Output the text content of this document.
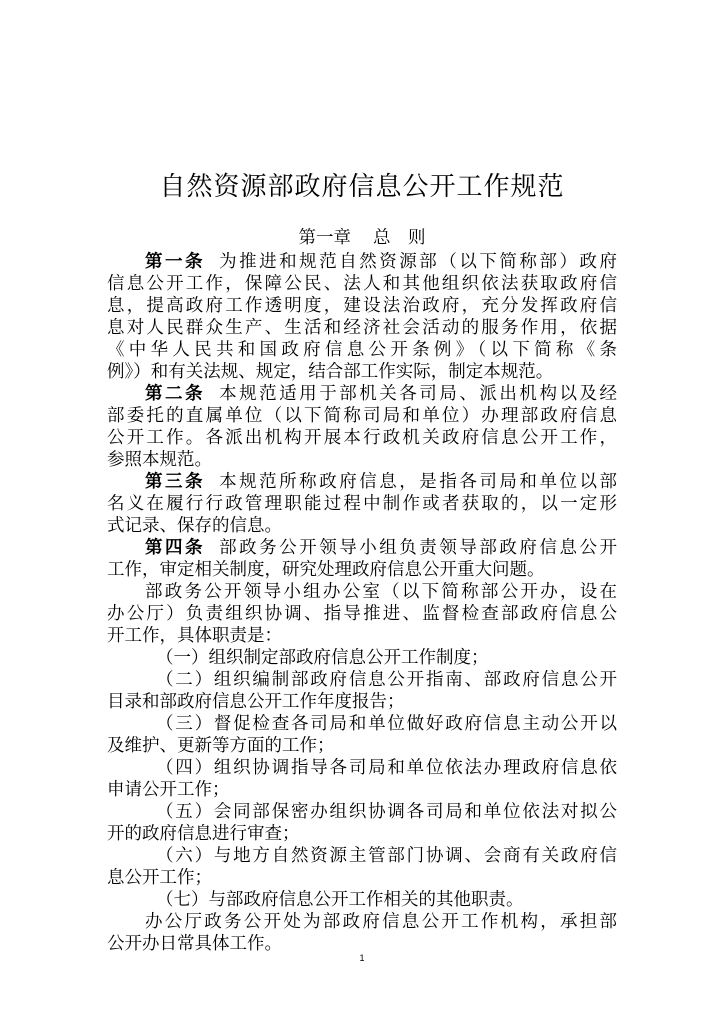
自然资源部政府信息公开工作规范
第一章 总　则
第一条 为推进和规范自然资源部（以下简称部）政府
信息公开工作，保障公民、法人和其他组织依法获取政府信
息，提高政府工作透明度，建设法治政府，充分发挥政府信
息对人民群众生产、生活和经济社会活动的服务作用，依据
《中华人民共和国政府信息公开条例》（以下简称《条
例》）和有关法规、规定，结合部工作实际，制定本规范。
第二条 本规范适用于部机关各司局、派出机构以及经
部委托的直属单位（以下简称司局和单位）办理部政府信息
公开工作。各派出机构开展本行政机关政府信息公开工作，
参照本规范。
第三条 本规范所称政府信息，是指各司局和单位以部
名义在履行行政管理职能过程中制作或者获取的，以一定形
式记录、保存的信息。
第四条 部政务公开领导小组负责领导部政府信息公开
工作，审定相关制度，研究处理政府信息公开重大问题。
部政务公开领导小组办公室（以下简称部公开办，设在
办公厅）负责组织协调、指导推进、监督检查部政府信息公
开工作，具体职责是：
（一）组织制定部政府信息公开工作制度；
（二）组织编制部政府信息公开指南、部政府信息公开
目录和部政府信息公开工作年度报告；
（三）督促检查各司局和单位做好政府信息主动公开以
及维护、更新等方面的工作；
（四）组织协调指导各司局和单位依法办理政府信息依
申请公开工作；
（五）会同部保密办组织协调各司局和单位依法对拟公
开的政府信息进行审查；
（六）与地方自然资源主管部门协调、会商有关政府信
息公开工作；
（七）与部政府信息公开工作相关的其他职责。
办公厅政务公开处为部政府信息公开工作机构，承担部
公开办日常具体工作。
1
